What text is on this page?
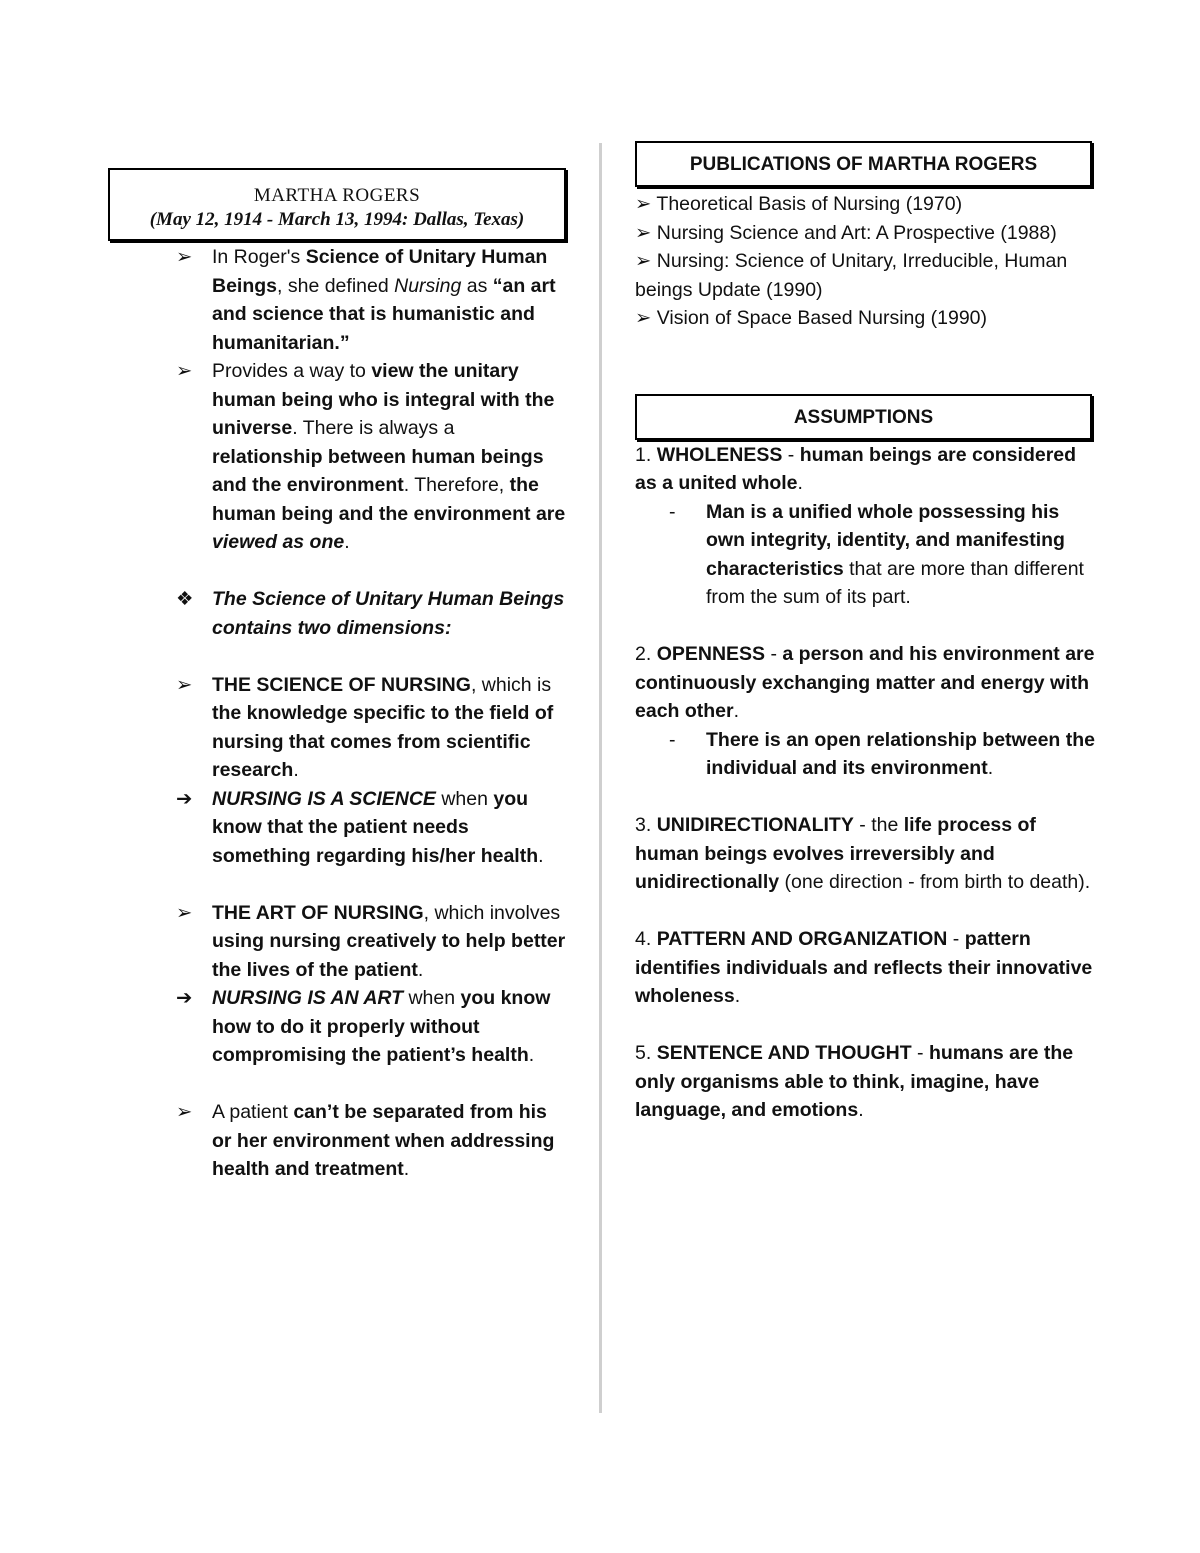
MARTHA ROGERS
(May 12, 1914 - March 13, 1994: Dallas, Texas)
➢ In Roger's Science of Unitary Human Beings, she defined Nursing as “an art and science that is humanistic and humanitarian.”
➢ Provides a way to view the unitary human being who is integral with the universe. There is always a relationship between human beings and the environment. Therefore, the human being and the environment are viewed as one.
❖ The Science of Unitary Human Beings contains two dimensions:
➢ THE SCIENCE OF NURSING, which is the knowledge specific to the field of nursing that comes from scientific research.
➔ NURSING IS A SCIENCE when you know that the patient needs something regarding his/her health.
➢ THE ART OF NURSING, which involves using nursing creatively to help better the lives of the patient.
➔ NURSING IS AN ART when you know how to do it properly without compromising the patient’s health.
➢ A patient can’t be separated from his or her environment when addressing health and treatment.
PUBLICATIONS OF MARTHA ROGERS
➢ Theoretical Basis of Nursing (1970)
➢ Nursing Science and Art: A Prospective (1988)
➢ Nursing: Science of Unitary, Irreducible, Human beings Update (1990)
➢ Vision of Space Based Nursing (1990)
ASSUMPTIONS
1. WHOLENESS - human beings are considered as a united whole.
- Man is a unified whole possessing his own integrity, identity, and manifesting characteristics that are more than different from the sum of its part.
2. OPENNESS - a person and his environment are continuously exchanging matter and energy with each other.
- There is an open relationship between the individual and its environment.
3. UNIDIRECTIONALITY - the life process of human beings evolves irreversibly and unidirectionally (one direction - from birth to death).
4. PATTERN AND ORGANIZATION - pattern identifies individuals and reflects their innovative wholeness.
5. SENTENCE AND THOUGHT - humans are the only organisms able to think, imagine, have language, and emotions.
